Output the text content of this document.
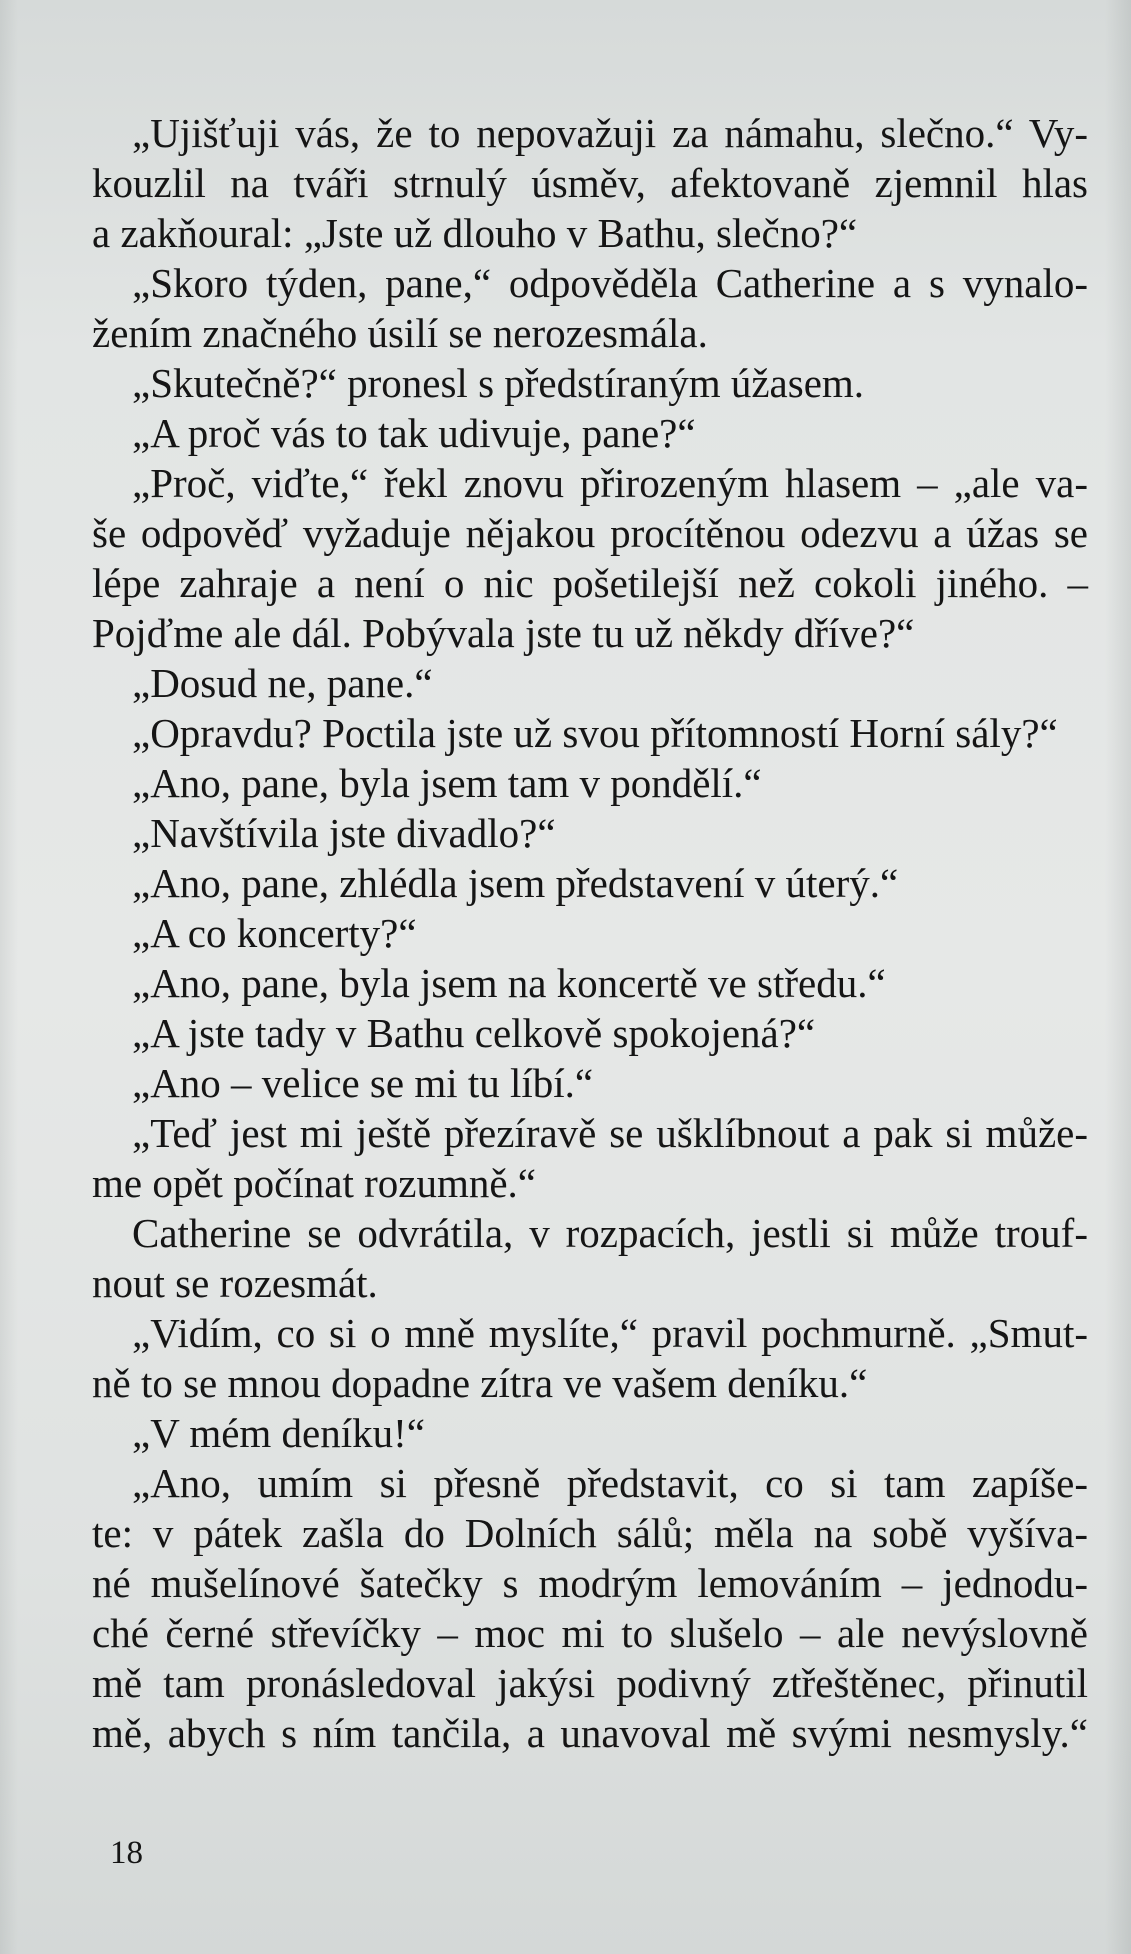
„Ujišťuji vás, že to nepovažuji za námahu, slečno.“ Vy-
kouzlil na tváři strnulý úsměv, afektovaně zjemnil hlas
a zakňoural: „Jste už dlouho v Bathu, slečno?“
„Skoro týden, pane,“ odpověděla Catherine a s vynalo-
žením značného úsilí se nerozesmála.
„Skutečně?“ pronesl s předstíraným úžasem.
„A proč vás to tak udivuje, pane?“
„Proč, viďte,“ řekl znovu přirozeným hlasem – „ale va-
še odpověď vyžaduje nějakou procítěnou odezvu a úžas se
lépe zahraje a není o nic pošetilejší než cokoli jiného. –
Pojďme ale dál. Pobývala jste tu už někdy dříve?“
„Dosud ne, pane.“
„Opravdu? Poctila jste už svou přítomností Horní sály?“
„Ano, pane, byla jsem tam v pondělí.“
„Navštívila jste divadlo?“
„Ano, pane, zhlédla jsem představení v úterý.“
„A co koncerty?“
„Ano, pane, byla jsem na koncertě ve středu.“
„A jste tady v Bathu celkově spokojená?“
„Ano – velice se mi tu líbí.“
„Teď jest mi ještě přezíravě se ušklíbnout a pak si může-
me opět počínat rozumně.“
Catherine se odvrátila, v rozpacích, jestli si může trouf-
nout se rozesmát.
„Vidím, co si o mně myslíte,“ pravil pochmurně. „Smut-
ně to se mnou dopadne zítra ve vašem deníku.“
„V mém deníku!“
„Ano, umím si přesně představit, co si tam zapíše-
te: v pátek zašla do Dolních sálů; měla na sobě vyšíva-
né mušelínové šatečky s modrým lemováním – jednodu-
ché černé střevíčky – moc mi to slušelo – ale nevýslovně
mě tam pronásledoval jakýsi podivný ztřeštěnec, přinutil
mě, abych s ním tančila, a unavoval mě svými nesmysly.“
18
